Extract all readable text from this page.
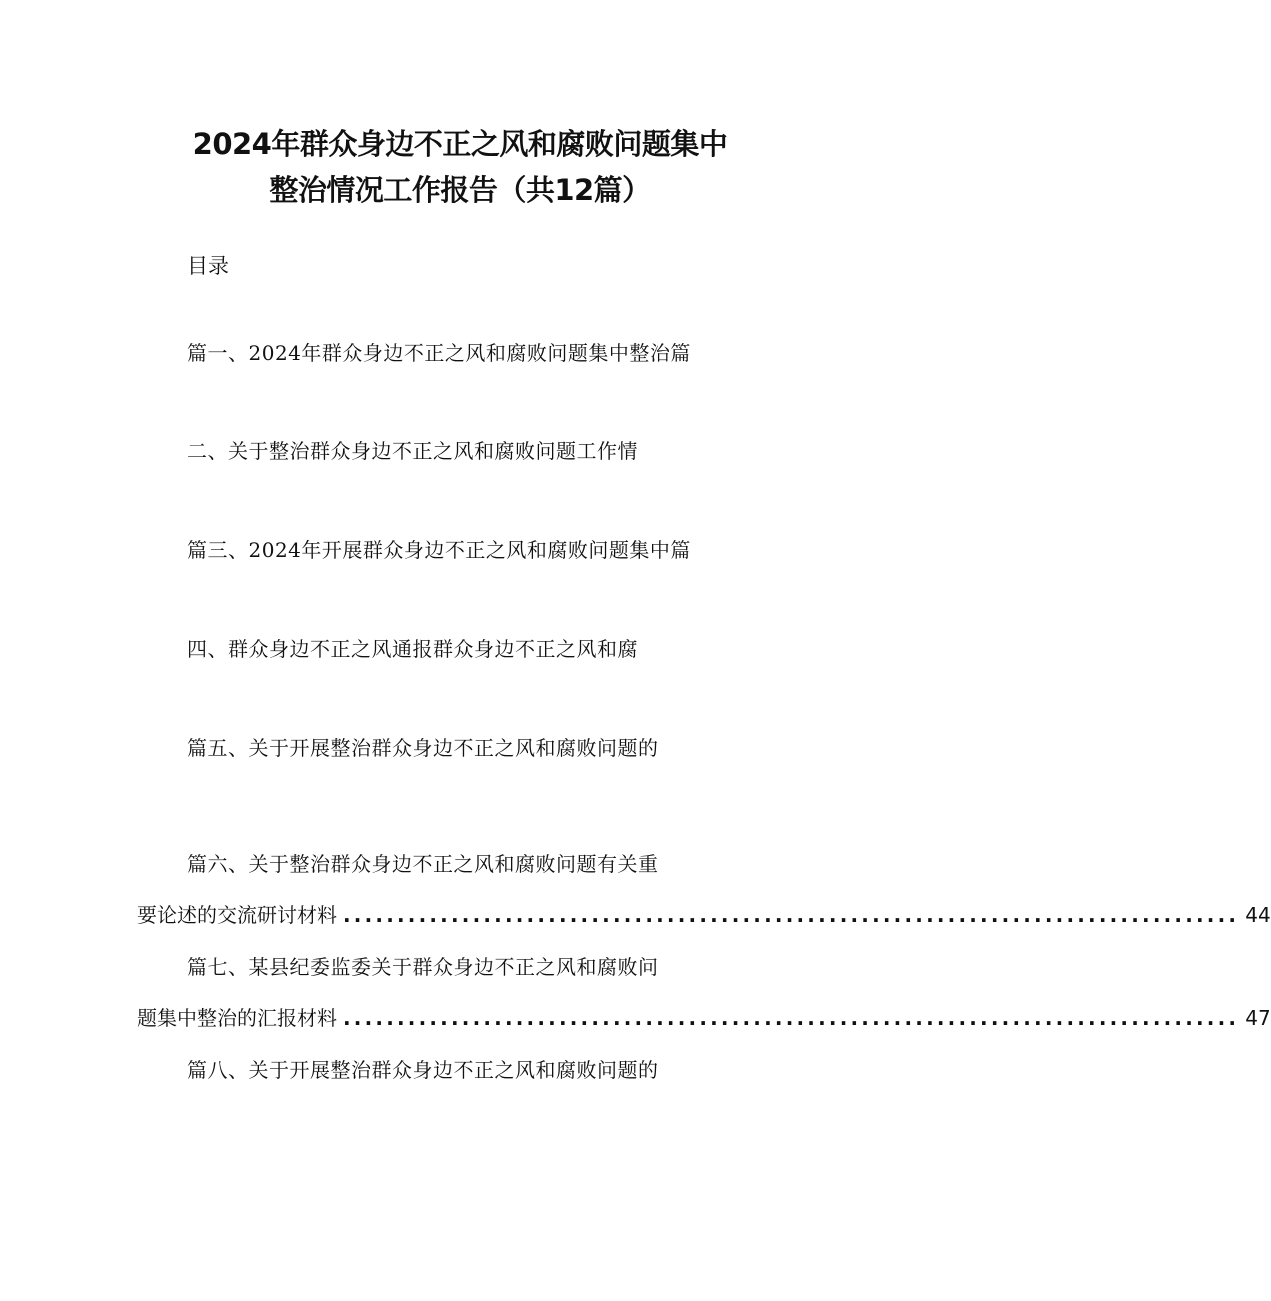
2024年群众身边不正之风和腐败问题集中
整治情况工作报告（共12篇）
目录
篇一、2024年群众身边不正之风和腐败问题集中整治篇
二、关于整治群众身边不正之风和腐败问题工作情
篇三、2024年开展群众身边不正之风和腐败问题集中篇
四、群众身边不正之风通报群众身边不正之风和腐
篇五、关于开展整治群众身边不正之风和腐败问题的
篇六、关于整治群众身边不正之风和腐败问题有关重
要论述的交流研讨材料 ................................................................................... 44
篇七、某县纪委监委关于群众身边不正之风和腐败问
题集中整治的汇报材料 ................................................................................... 47
篇八、关于开展整治群众身边不正之风和腐败问题的
